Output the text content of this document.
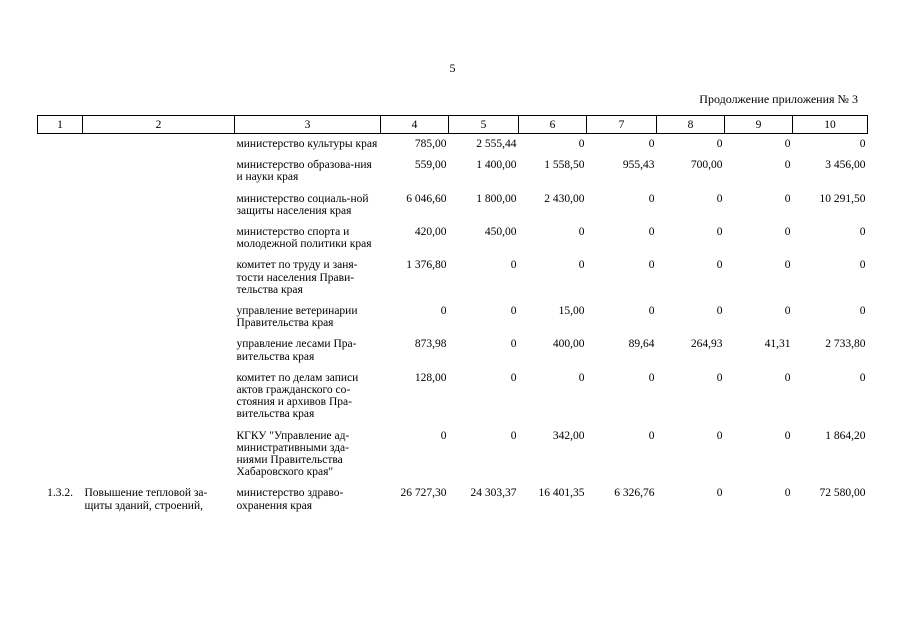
5
Продолжение приложения № 3
1	2	3	4	5	6	7	8	9	10

		министерство культуры края	785,00	2 555,44	0	0	0	0	0
		министерство образова-ния и науки края	559,00	1 400,00	1 558,50	955,43	700,00	0	3 456,00
		министерство социаль-ной защиты населения края	6 046,60	1 800,00	2 430,00	0	0	0	10 291,50
		министерство спорта и молодежной политики края	420,00	450,00	0	0	0	0	0
		комитет по труду и заня-тости населения Прави-тельства края	1 376,80	0	0	0	0	0	0
		управление ветеринарии Правительства края	0	0	15,00	0	0	0	0
		управление лесами Пра-вительства края	873,98	0	400,00	89,64	264,93	41,31	2 733,80
		комитет по делам записи актов гражданского со-стояния и архивов Пра-вительства края	128,00	0	0	0	0	0	0
		КГКУ "Управление ад-министративными зда-ниями Правительства Хабаровского края"	0	0	342,00	0	0	0	1 864,20
1.3.2.	Повышение тепловой за-щиты зданий, строений,	министерство здраво-охранения края	26 727,30	24 303,37	16 401,35	6 326,76	0	0	72 580,00
